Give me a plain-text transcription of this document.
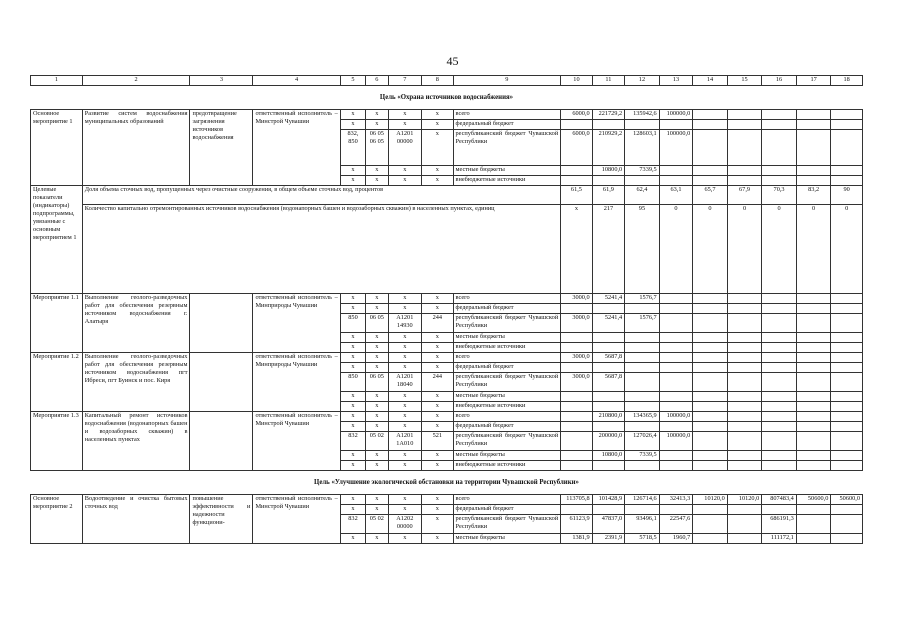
45
1	2	3	4	5	6	7	8	9	10	11	12	13	14	15	16	17	18
Цель «Охрана источников водоснабжения»																	
Основное мероприятие 1	Развитие систем водоснабжения муниципальных образований	предотвращение загрязнения источников водоснабжения	ответственный исполнитель – Минстрой Чувашии	х	х	х	х	всего	6000,0	221729,2	135942,6	100000,0					
				х	х	х	х	федеральный бюджет									
				832, 850	06 05 06 05	А1201 00000	х	республиканский бюджет Чувашской Республики	6000,0	210929,2	128603,1	100000,0					
				х	х	х	х	местные бюджеты		10800,0	7339,5						
				х	х	х	х	внебюджетные источники									
Целевые показатели (индикаторы) подпрограммы, увязанные с основным мероприятием 1	Доля объема сточных вод, пропущенных через очистные сооружения, в общем объеме сточных вод, процентов								61,5	61,9	62,4	63,1	65,7	67,9	70,3	83,2	90
	Количество капитально отремонтированных источников водоснабжения (водонапорных башен и водозаборных скважин) в населенных пунктах, единиц								х	217	95	0	0	0	0	0	0
Мероприятие 1.1	Выполнение геолого-разведочных работ для обеспечения резервным источником водоснабжения г. Алатыря		ответственный исполнитель – Минприроды Чувашии	х	х	х	х	всего	3000,0	5241,4	1576,7						
				х	х	х	х	федеральный бюджет									
				850	06 05	А1201 14930	244	республиканский бюджет Чувашской Республики	3000,0	5241,4	1576,7						
				х	х	х	х	местные бюджеты									
				х	х	х	х	внебюджетные источники									
Мероприятие 1.2	Выполнение геолого-разведочных работ для обеспечения резервным источником водоснабжения пгт Ибреси, пгт Буинск и пос. Киря		ответственный исполнитель – Минприроды Чувашии	х	х	х	х	всего	3000,0	5687,8							
				х	х	х	х	федеральный бюджет									
				850	06 05	А1201 18040	244	республиканский бюджет Чувашской Республики	3000,0	5687,8							
				х	х	х	х	местные бюджеты									
				х	х	х	х	внебюджетные источники									
Мероприятие 1.3	Капитальный ремонт источников водоснабжения (водонапорных башен и водозаборных скважин) в населенных пунктах		ответственный исполнитель – Минстрой Чувашии	х	х	х	х	всего		210800,0	134365,9	100000,0					
				х	х	х	х	федеральный бюджет									
				832	05 02	А1201 1А010	521	республиканский бюджет Чувашской Республики		200000,0	127026,4	100000,0					
				х	х	х	х	местные бюджеты		10800,0	7339,5						
				х	х	х	х	внебюджетные источники									
Цель «Улучшение экологической обстановки на территории Чувашской Республики»																	
Основное мероприятие 2	Водоотведение и очистка бытовых сточных вод	повышение эффективности и надежности функциони-	ответственный исполнитель – Минстрой Чувашии	х	х	х	х	всего	113705,8	101428,9	126714,6	32413,3	10120,0	10120,0	807483,4	50600,0	50600,0
				х	х	х	х	федеральный бюджет									
				832	05 02	А1202 00000	х	республиканский бюджет Чувашской Республики	61123,9	47837,0	93496,1	22547,6			686191,3		
				х	х	х	х	местные бюджеты	1381,9	2391,9	5718,5	1960,7			111172,1		
